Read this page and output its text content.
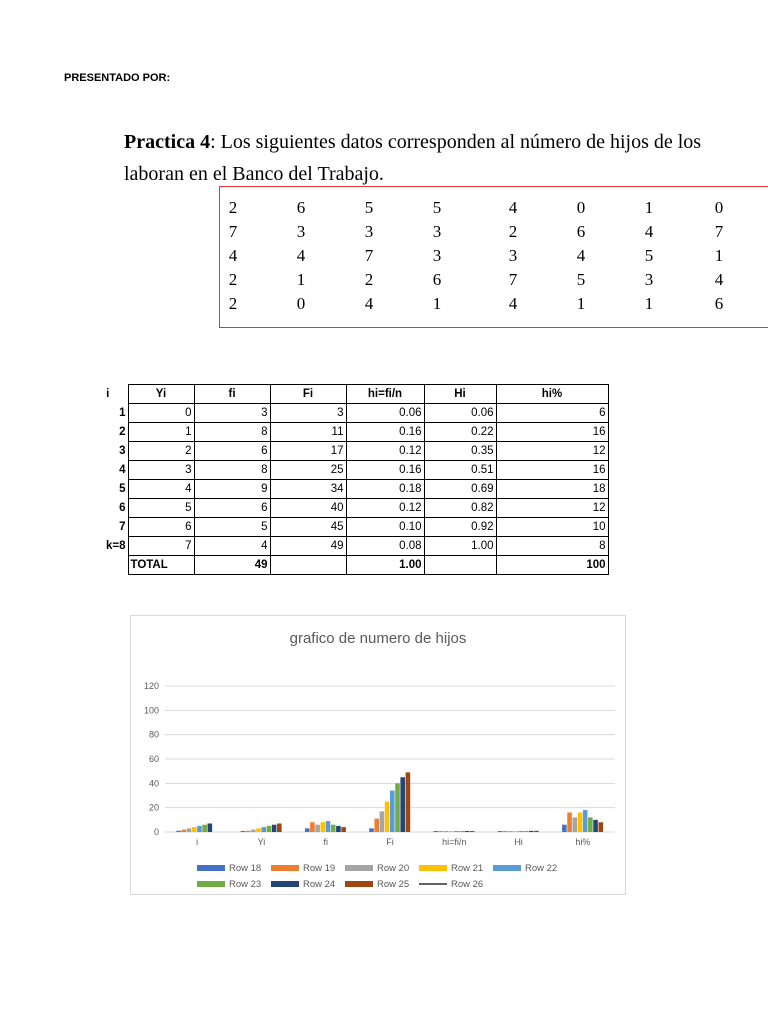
PRESENTADO POR:
Practica 4: Los siguientes datos corresponden al número de hijos de los
laboran en el Banco del Trabajo.
2	6	5	5	4	0	1	0
7	3	3	3	2	6	4	7
4	4	7	3	3	4	5	1
2	1	2	6	7	5	3	4
2	0	4	1	4	1	1	6
i	Yi	fi	Fi	hi=fi/n	Hi	hi%
1	0	3	3	0.06	0.06	6
2	1	8	11	0.16	0.22	16
3	2	6	17	0.12	0.35	12
4	3	8	25	0.16	0.51	16
5	4	9	34	0.18	0.69	18
6	5	6	40	0.12	0.82	12
7	6	5	45	0.10	0.92	10
k=8	7	4	49	0.08	1.00	8
	TOTAL	49		1.00		100
grafico de numero de hijos
0
20
40
60
80
100
120
i	Yi	fi	Fi	hi=fi/n	Hi	hi%
Row 18	Row 19	Row 20	Row 21	Row 22
Row 23	Row 24	Row 25	Row 26
